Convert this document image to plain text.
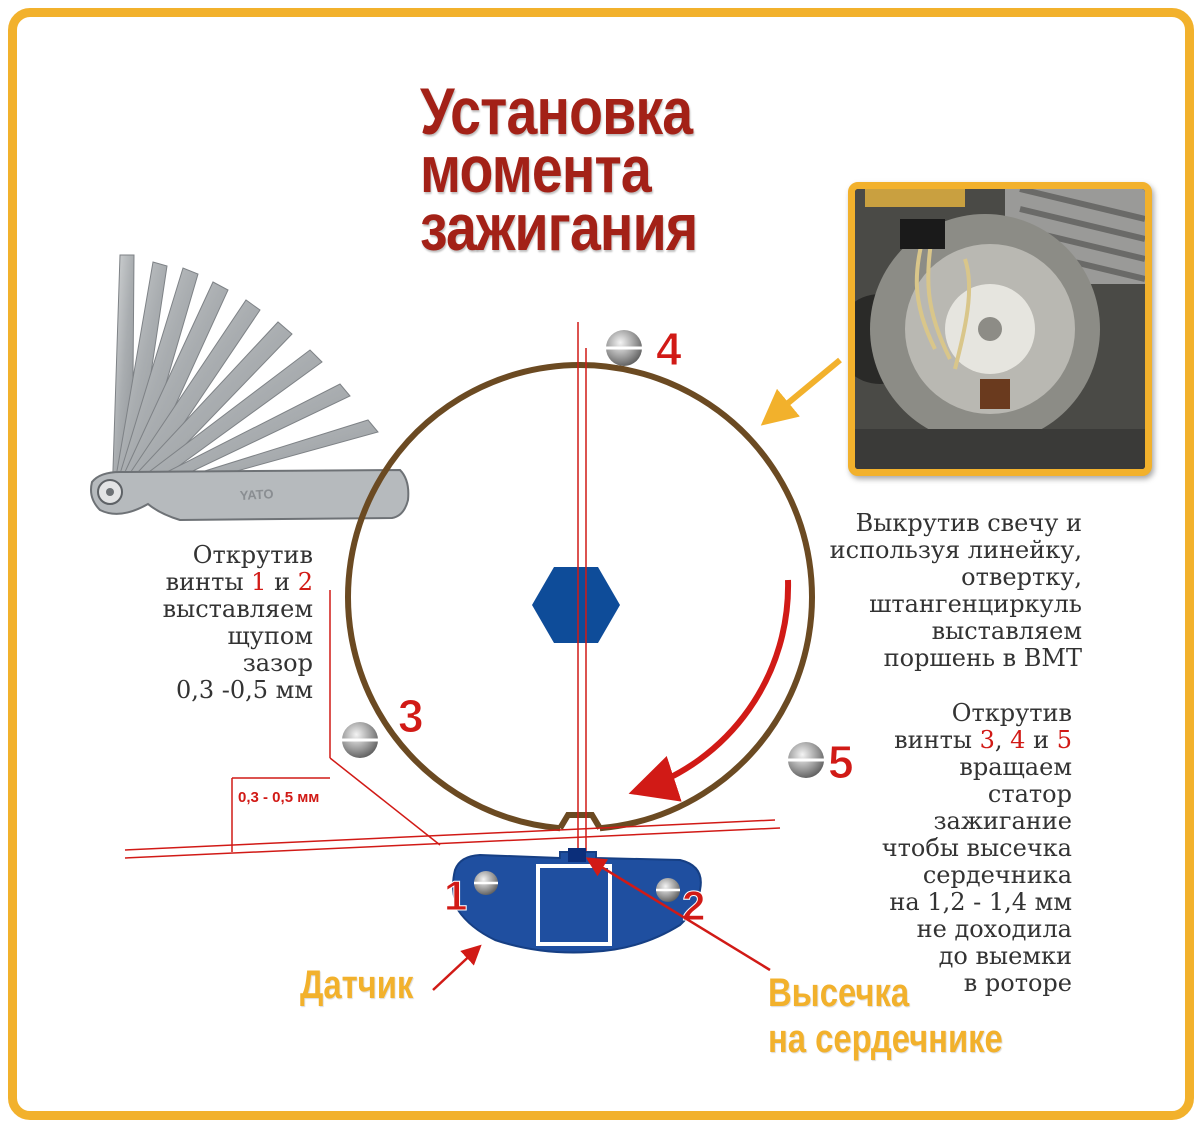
Установка
момента
зажигания
YATO
0,3 - 0,5 мм
1	2
3
4
5
Открутив
винты 1 и 2
выставляем
щупом
зазор
0,3 -0,5 мм
Выкрутив свечу и
используя линейку,
отвертку,
штангенциркуль
выставляем
поршень в ВМТ
Открутив
винты 3, 4 и 5
вращаем
статор
зажигание
чтобы высечка
сердечника
на 1,2 - 1,4 мм
не доходила
до выемки
в роторе
Датчик	Высечка
на сердечнике
